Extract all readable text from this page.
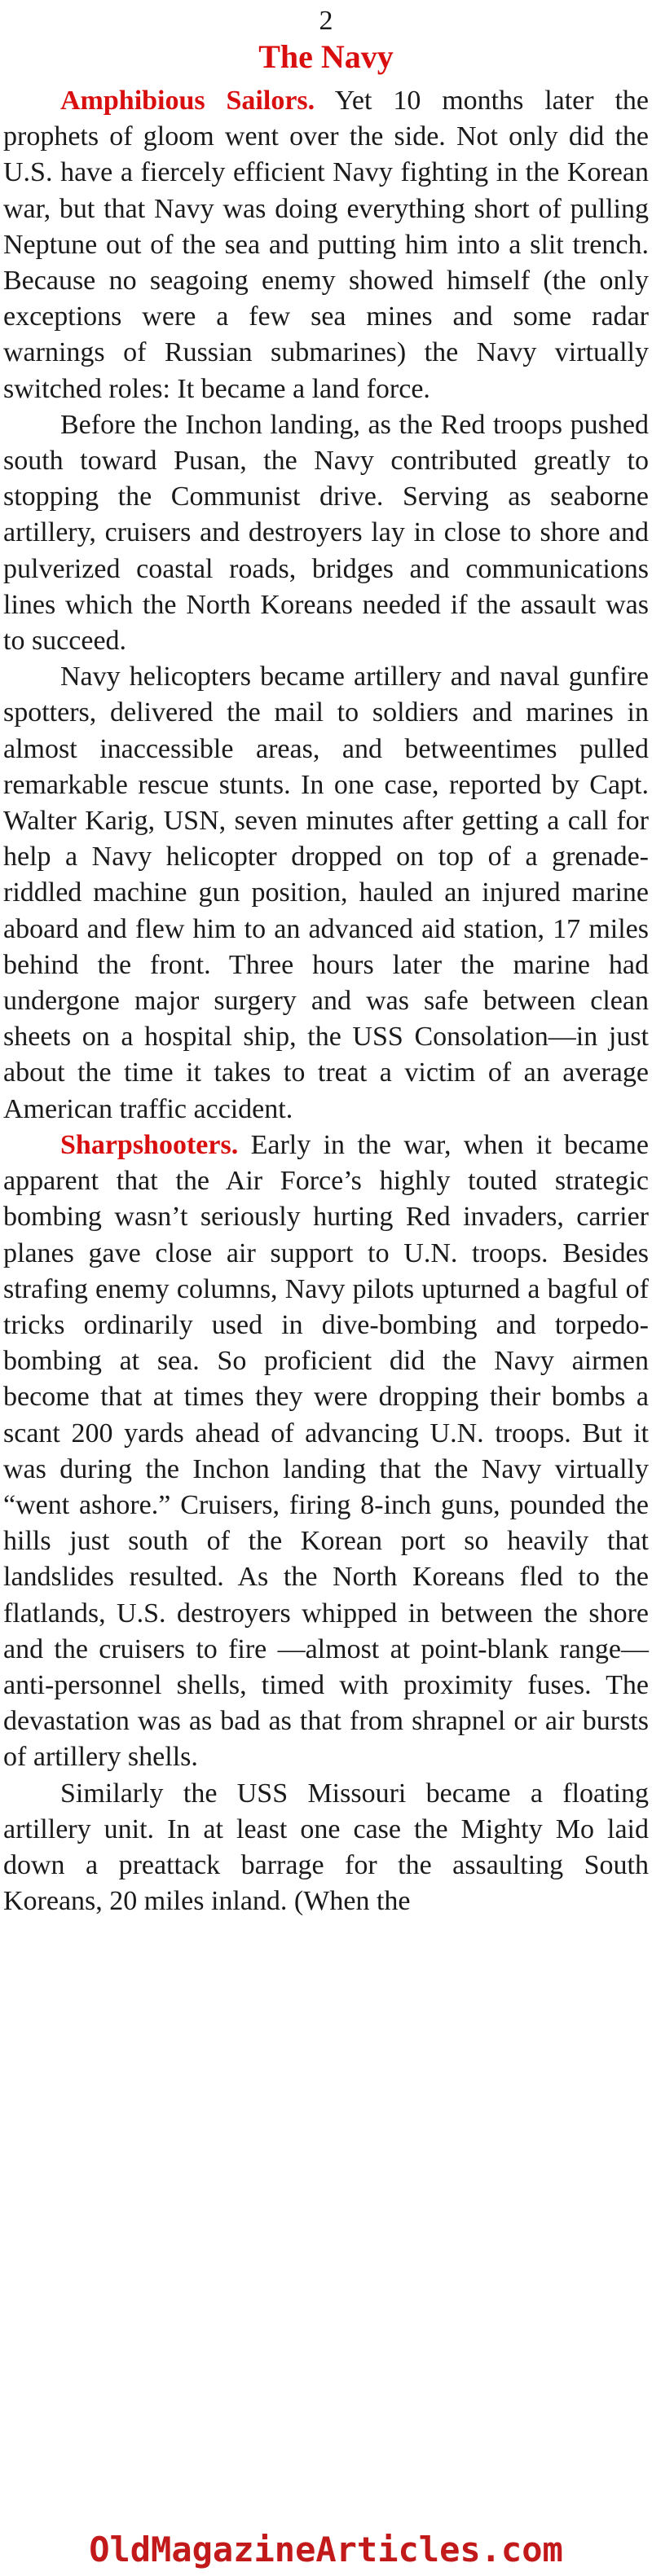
2
The Navy

Amphibious Sailors. Yet 10 months later the prophets of gloom went over the side. Not only did the U.S. have a fiercely efficient Navy fighting in the Korean war, but that Navy was doing everything short of pulling Neptune out of the sea and putting him into a slit trench. Because no seagoing enemy showed himself (the only exceptions were a few sea mines and some radar warnings of Russian submarines) the Navy virtually switched roles: It became a land force.

Before the Inchon landing, as the Red troops pushed south toward Pusan, the Navy contributed greatly to stopping the Communist drive. Serving as seaborne artillery, cruisers and destroyers lay in close to shore and pulverized coastal roads, bridges and communications lines which the North Koreans needed if the assault was to succeed.

Navy helicopters became artillery and naval gunfire spotters, delivered the mail to soldiers and marines in almost inaccessible areas, and betweentimes pulled remarkable rescue stunts. In one case, reported by Capt. Walter Karig, USN, seven minutes after getting a call for help a Navy helicopter dropped on top of a grenade-riddled machine gun position, hauled an injured marine aboard and flew him to an advanced aid station, 17 miles behind the front. Three hours later the marine had undergone major surgery and was safe between clean sheets on a hospital ship, the USS Consolation—in just about the time it takes to treat a victim of an average American traffic accident.

Sharpshooters. Early in the war, when it became apparent that the Air Force’s highly touted strategic bombing wasn’t seriously hurting Red invaders, carrier planes gave close air support to U.N. troops. Besides strafing enemy columns, Navy pilots upturned a bagful of tricks ordinarily used in dive-bombing and torpedo-bombing at sea. So proficient did the Navy airmen become that at times they were dropping their bombs a scant 200 yards ahead of advancing U.N. troops. But it was during the Inchon landing that the Navy virtually “went ashore.” Cruisers, firing 8-inch guns, pounded the hills just south of the Korean port so heavily that landslides resulted. As the North Koreans fled to the flatlands, U.S. destroyers whipped in between the shore and the cruisers to fire —almost at point-blank range—anti-personnel shells, timed with proximity fuses. The devastation was as bad as that from shrapnel or air bursts of artillery shells.

Similarly the USS Missouri became a floating artillery unit. In at least one case the Mighty Mo laid down a preattack barrage for the assaulting South Koreans, 20 miles inland. (When the

OldMagazineArticles.com
